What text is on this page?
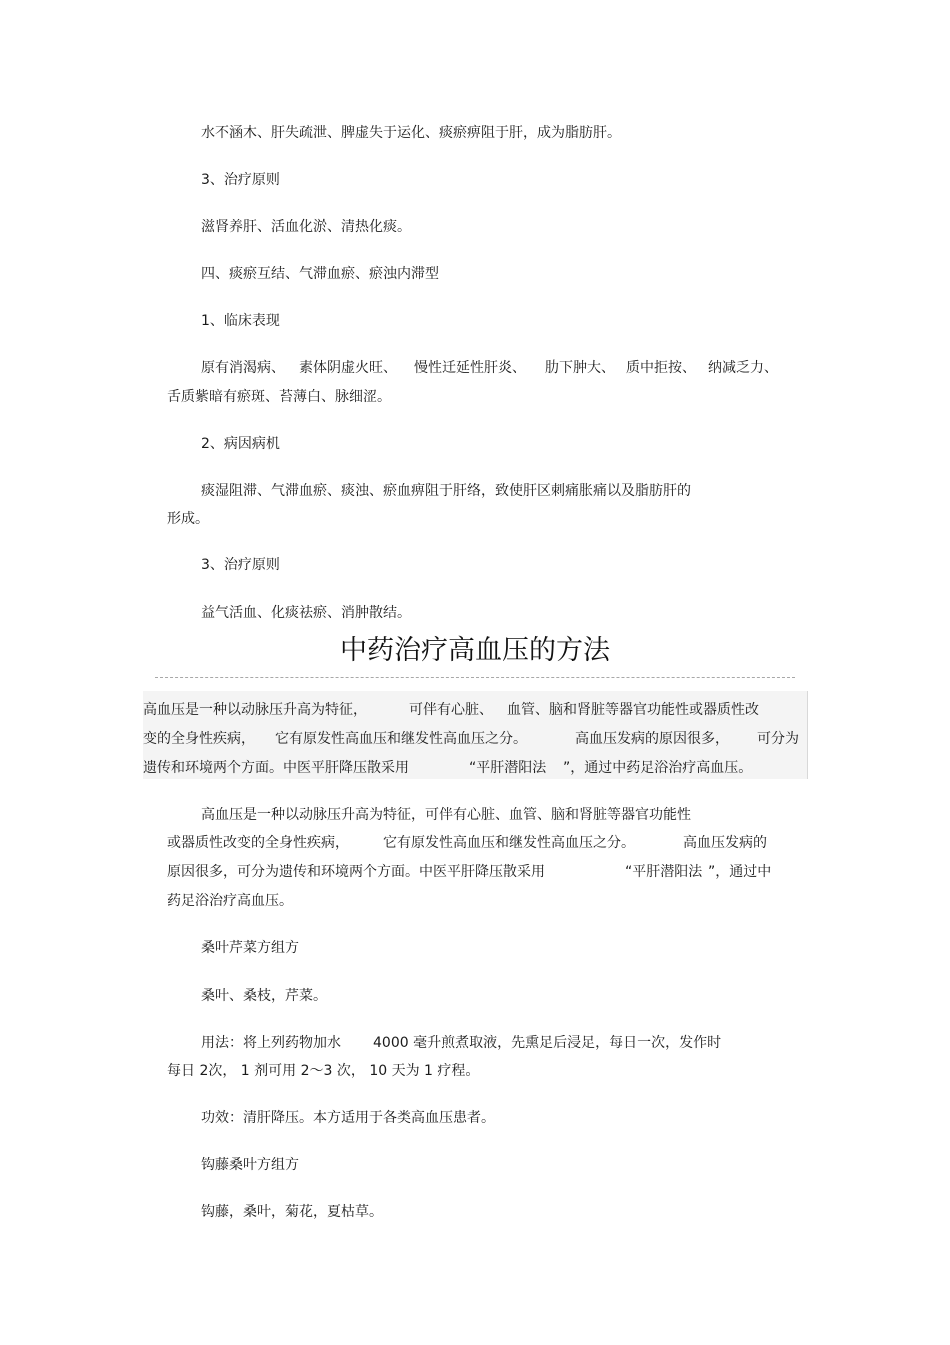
水不涵木、肝失疏泄、脾虚失于运化、痰瘀痹阻于肝，成为脂肪肝。

3、治疗原则

滋肾养肝、活血化淤、清热化痰。

四、痰瘀互结、气滞血瘀、瘀浊内滞型

1、临床表现

原有消渴病、 素体阴虚火旺、 慢性迁延性肝炎、 肋下肿大、 质中拒按、 纳减乏力、

舌质紫暗有瘀斑、苔薄白、脉细涩。

2、病因病机

痰湿阻滞、气滞血瘀、痰浊、瘀血痹阻于肝络，致使肝区刺痛胀痛以及脂肪肝的

形成。

3、治疗原则

益气活血、化痰祛瘀、消肿散结。

中药治疗高血压的方法

高血压是一种以动脉压升高为特征，	可伴有心脏、 血管、脑和肾脏等器官功能性或器质性改

变的全身性疾病， 它有原发性高血压和继发性高血压之分。	高血压发病的原因很多， 可分为

遗传和环境两个方面。中医平肝降压散采用	“平肝潜阳法 ”，通过中药足浴治疗高血压。

高血压是一种以动脉压升高为特征，可伴有心脏、血管、脑和肾脏等器官功能性

或器质性改变的全身性疾病， 它有原发性高血压和继发性高血压之分。	高血压发病的

原因很多，可分为遗传和环境两个方面。中医平肝降压散采用	“平肝潜阳法 ”，通过中

药足浴治疗高血压。

桑叶芹菜方组方

桑叶、桑枝，芹菜。

用法：将上列药物加水 4000 毫升煎煮取液，先熏足后浸足，每日一次，发作时

每日 2次， 1 剂可用 2～3 次， 10 天为 1 疗程。

功效：清肝降压。本方适用于各类高血压患者。

钩藤桑叶方组方

钩藤，桑叶，菊花，夏枯草。
